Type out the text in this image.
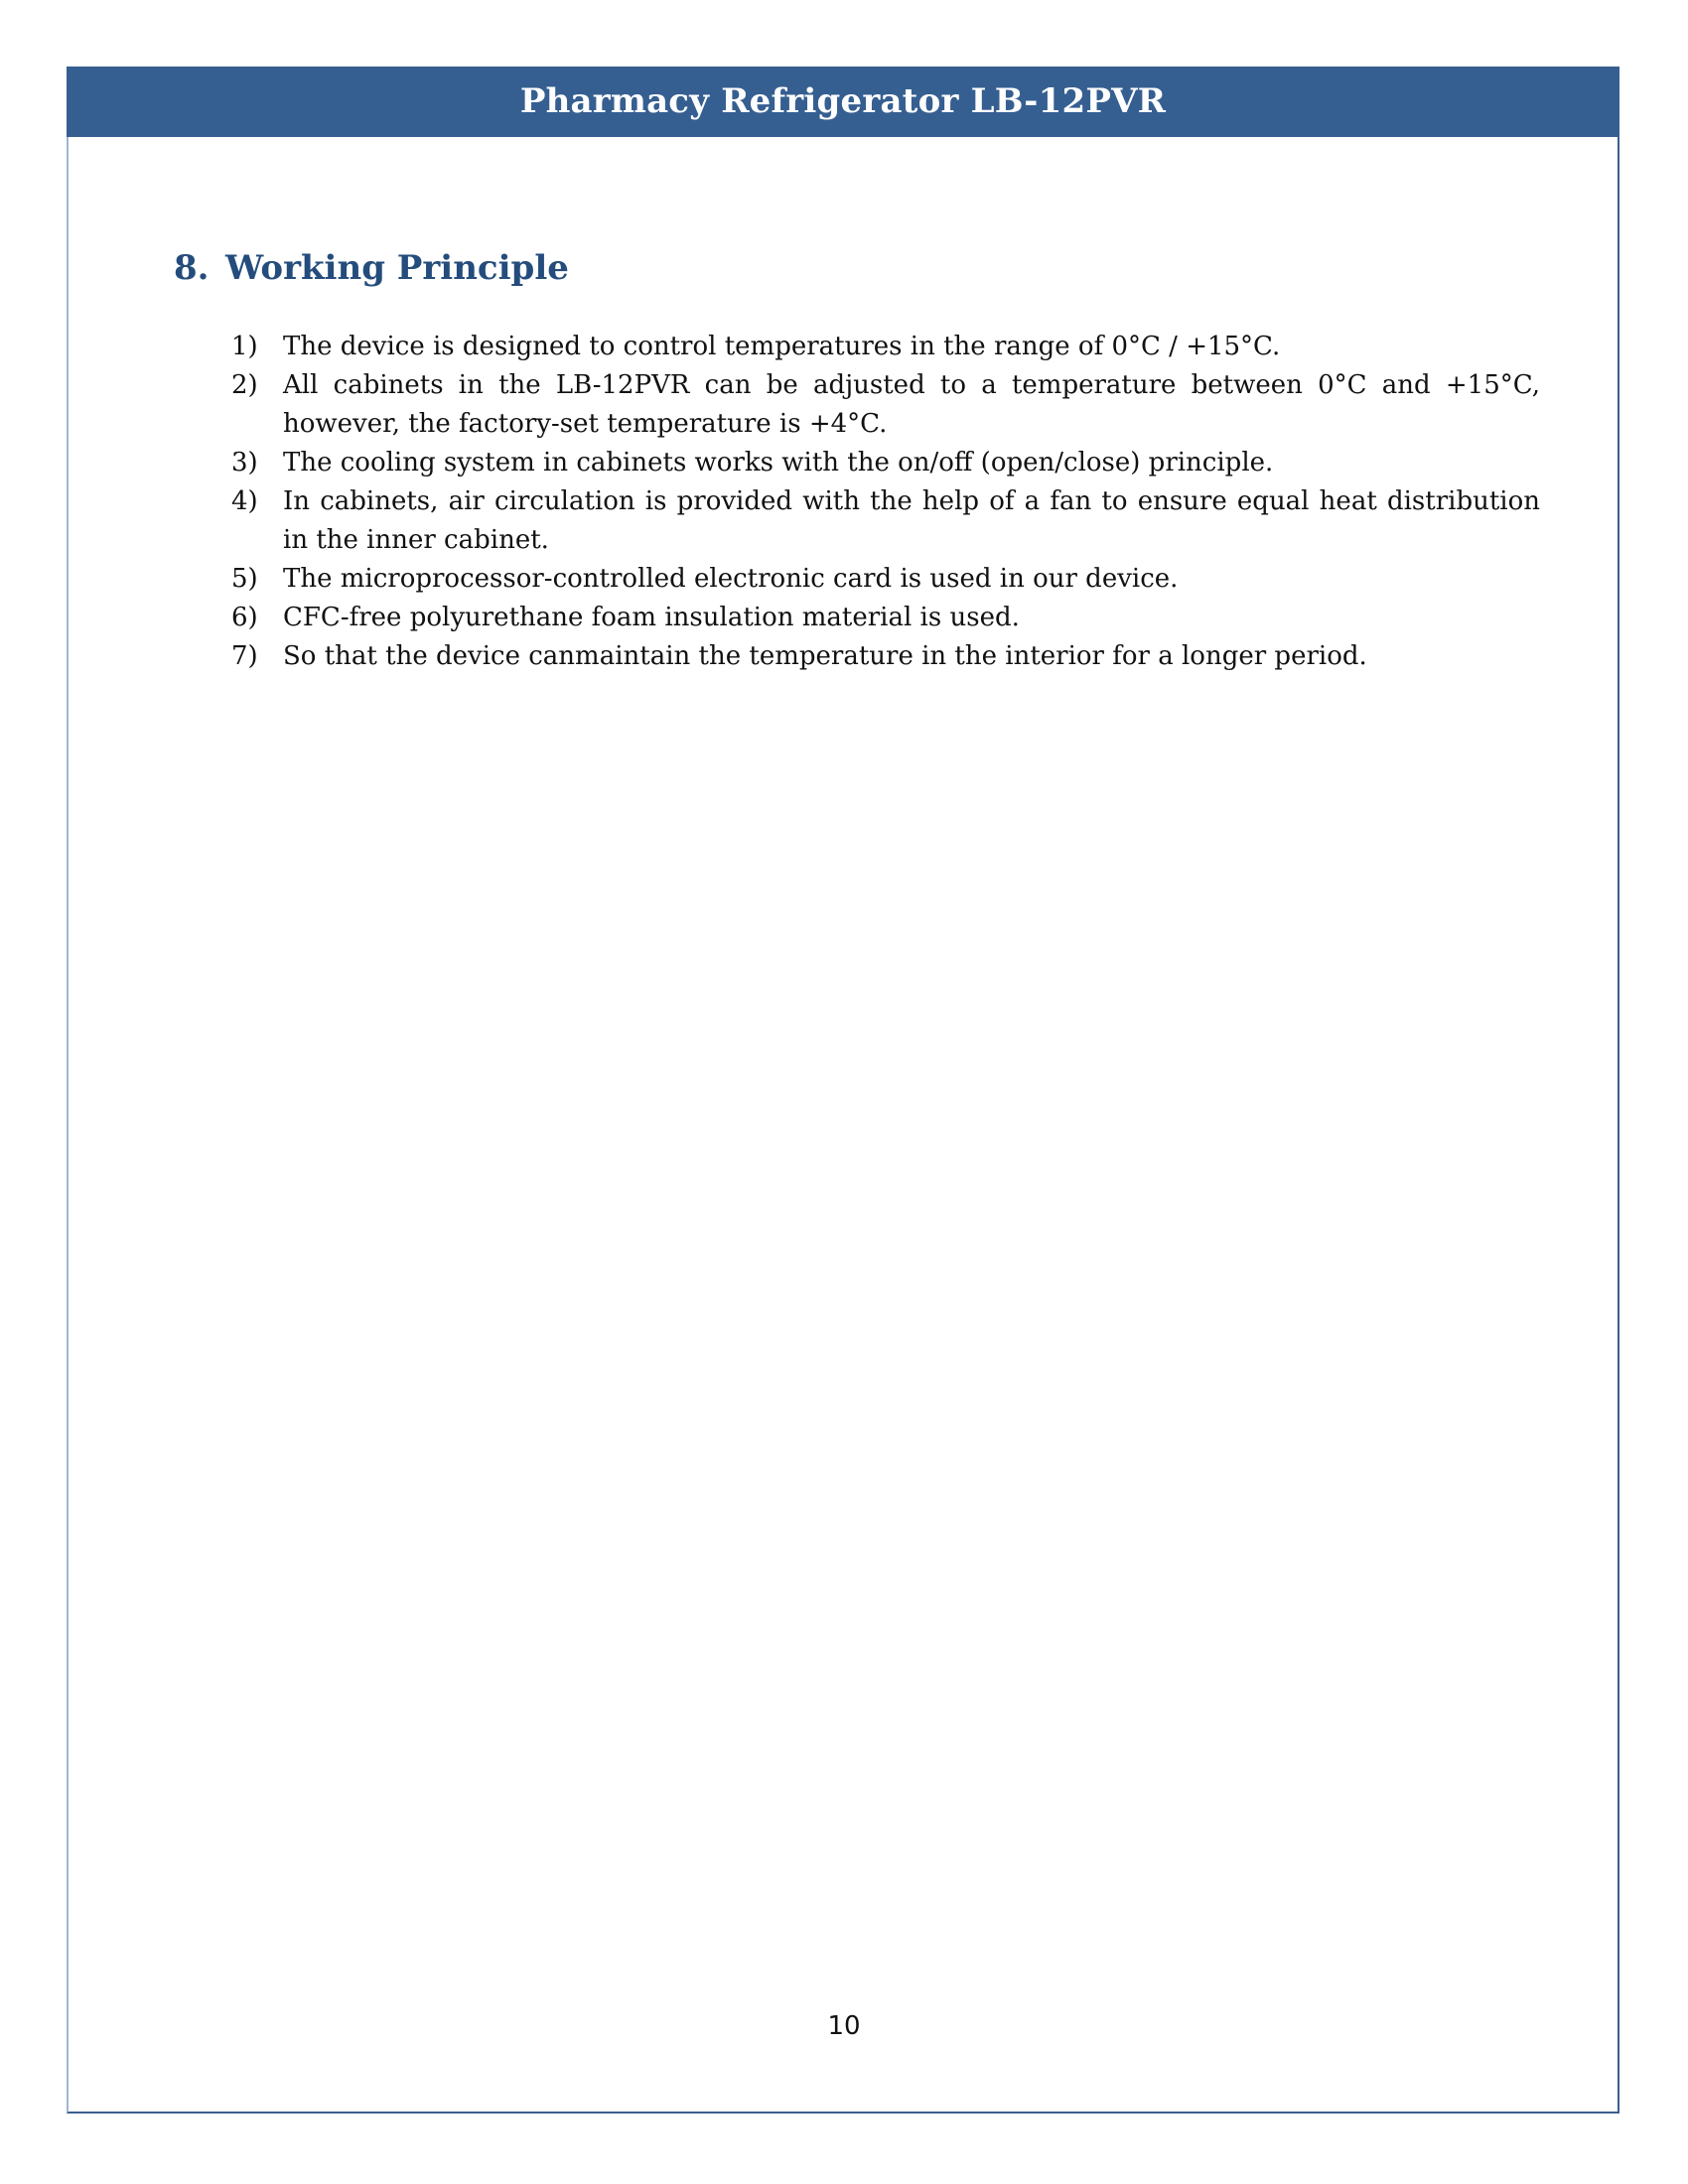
Pharmacy Refrigerator LB-12PVR
8. Working Principle
1) The device is designed to control temperatures in the range of 0°C / +15°C.
2) All cabinets in the LB-12PVR can be adjusted to a temperature between 0°C and +15°C, however, the factory-set temperature is +4°C.
3) The cooling system in cabinets works with the on/off (open/close) principle.
4) In cabinets, air circulation is provided with the help of a fan to ensure equal heat distribution in the inner cabinet.
5) The microprocessor-controlled electronic card is used in our device.
6) CFC-free polyurethane foam insulation material is used.
7) So that the device canmaintain the temperature in the interior for a longer period.
10
